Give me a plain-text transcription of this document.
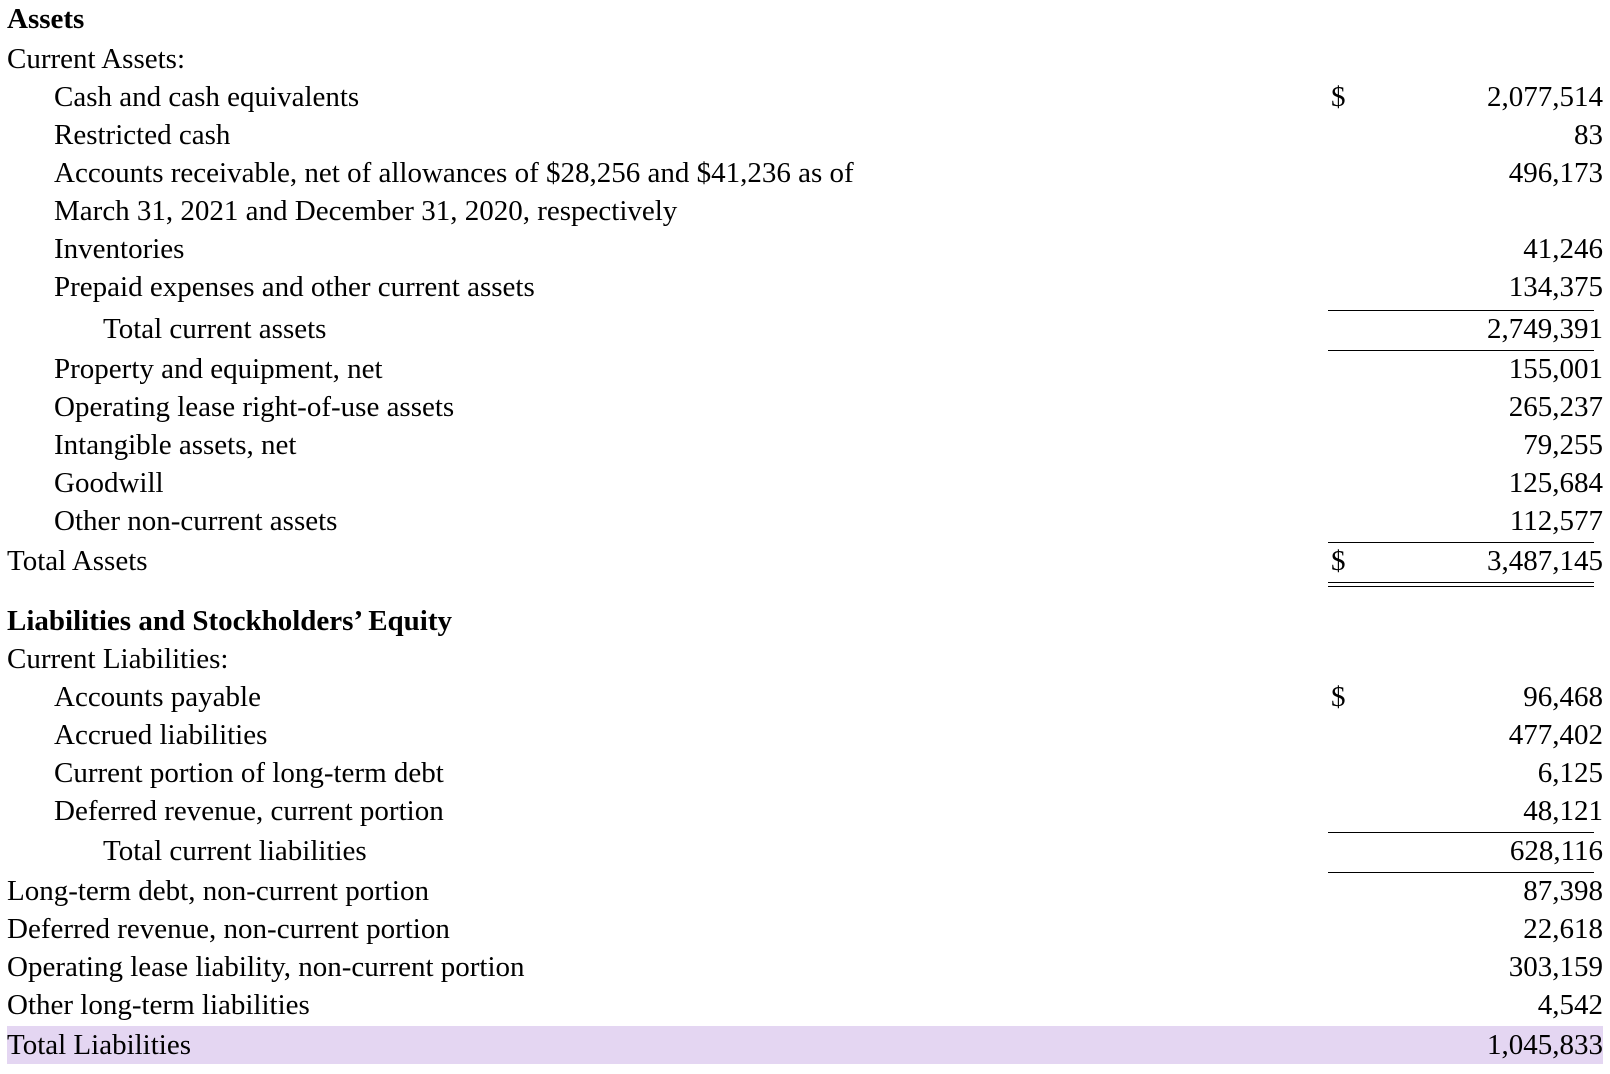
Assets
Current Assets:
Cash and cash equivalents	$	2,077,514
Restricted cash	83
Accounts receivable, net of allowances of $28,256 and $41,236 as of	496,173
March 31, 2021 and December 31, 2020, respectively
Inventories	41,246
Prepaid expenses and other current assets	134,375
Total current assets	2,749,391
Property and equipment, net	155,001
Operating lease right-of-use assets	265,237
Intangible assets, net	79,255
Goodwill	125,684
Other non-current assets	112,577
Total Assets	$	3,487,145
Liabilities and Stockholders’ Equity
Current Liabilities:
Accounts payable	$	96,468
Accrued liabilities	477,402
Current portion of long-term debt	6,125
Deferred revenue, current portion	48,121
Total current liabilities	628,116
Long-term debt, non-current portion	87,398
Deferred revenue, non-current portion	22,618
Operating lease liability, non-current portion	303,159
Other long-term liabilities	4,542
Total Liabilities	1,045,833
